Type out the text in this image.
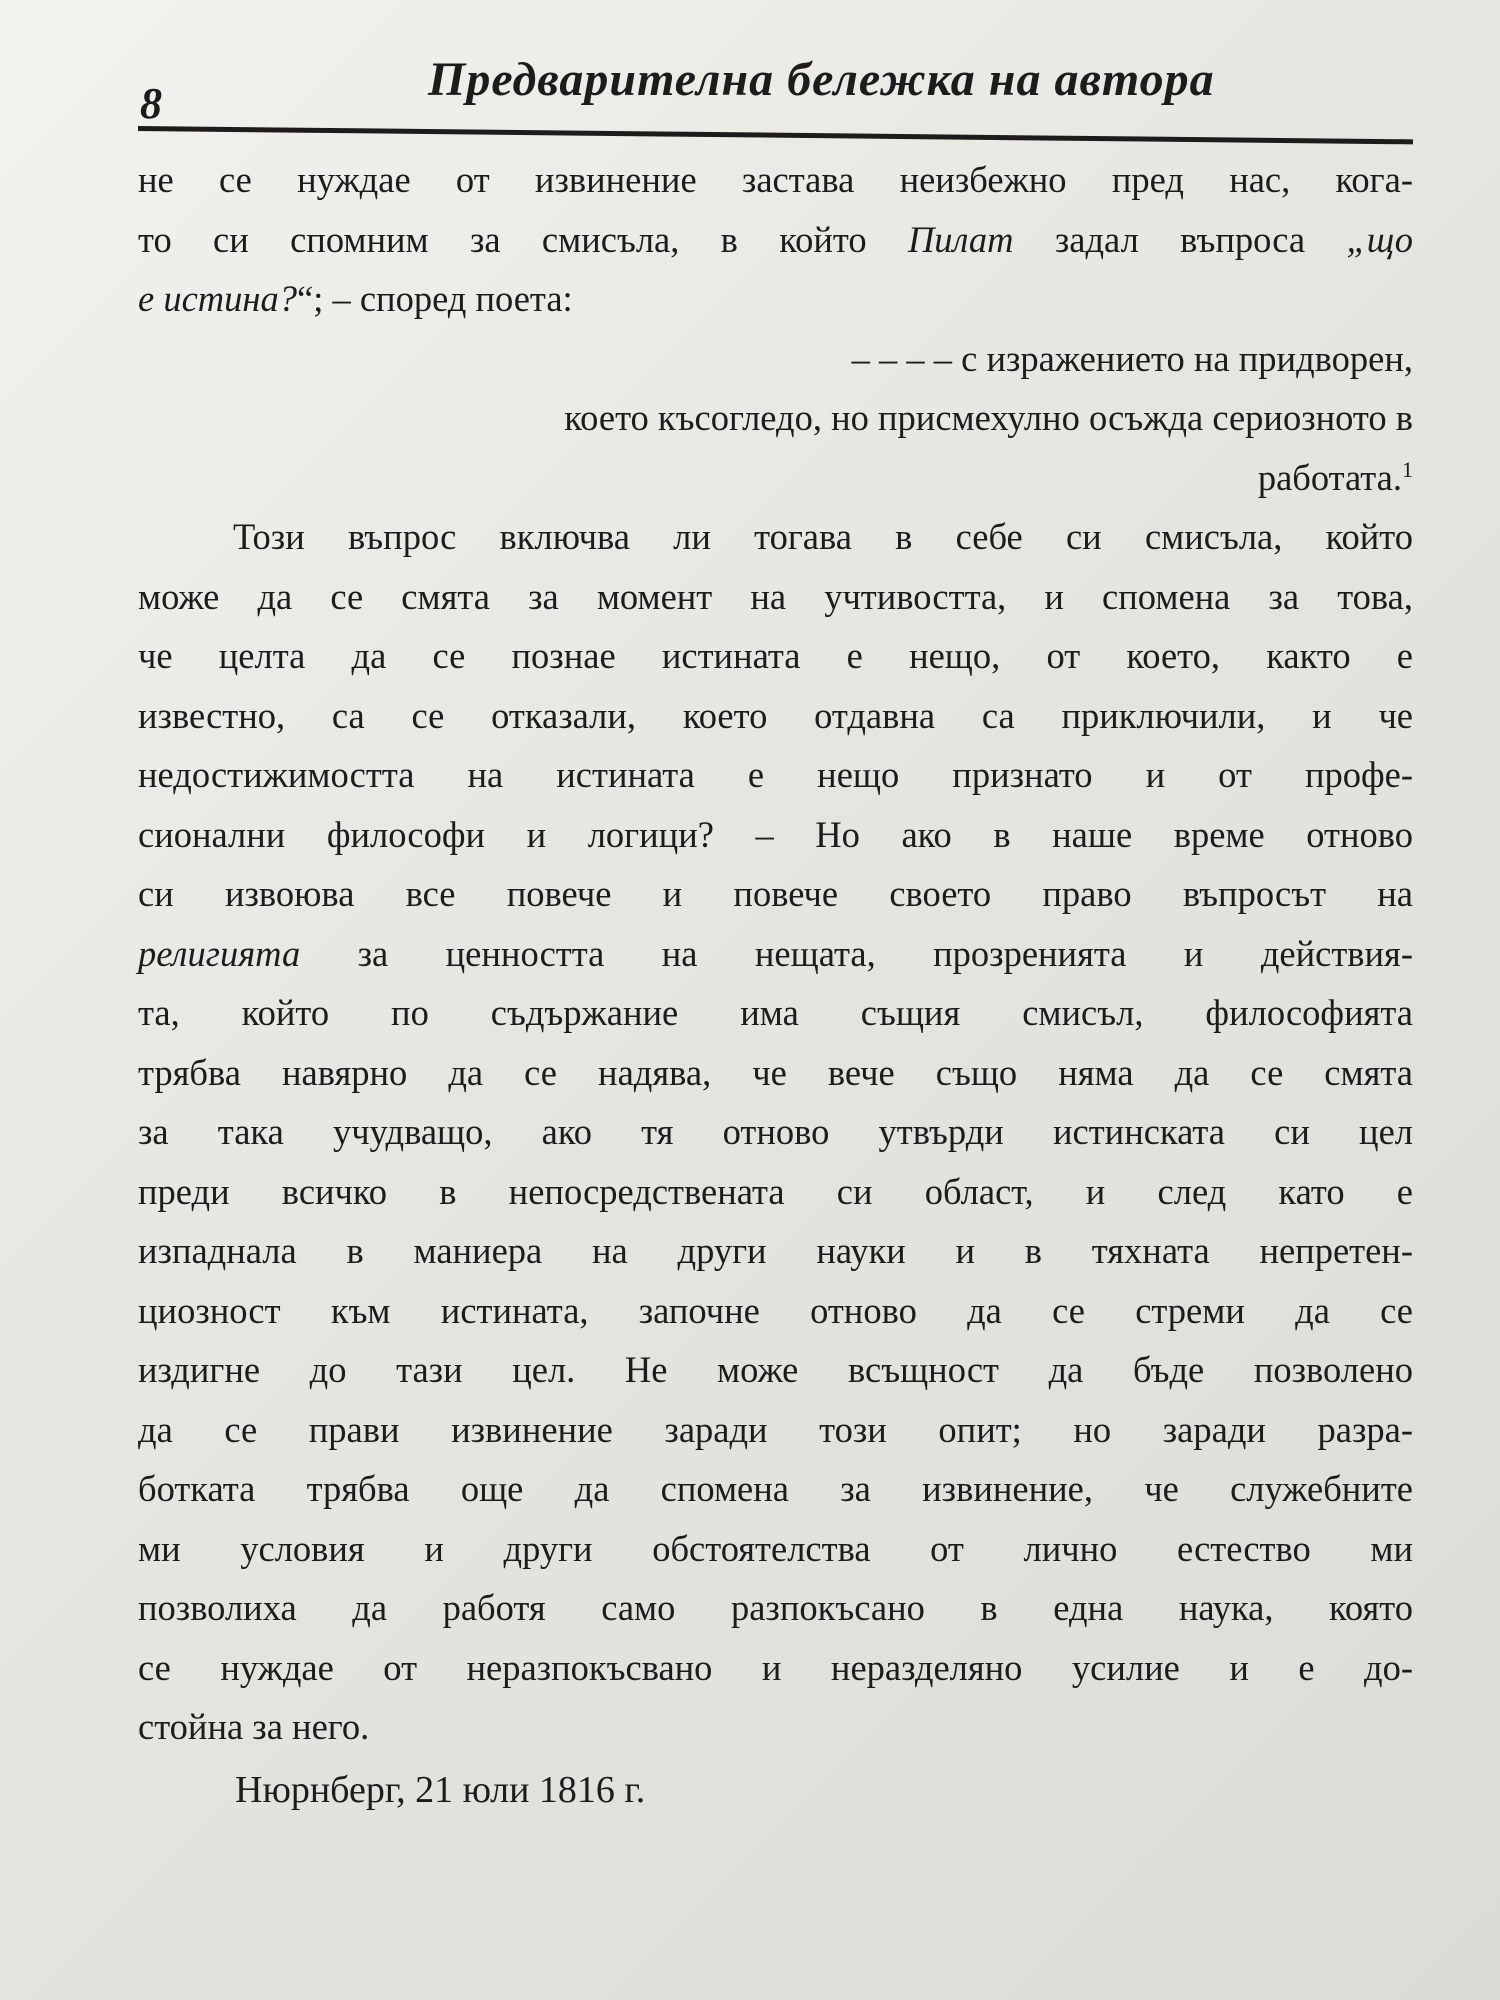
8	Предварителна бележка на автора
не се нуждае от извинение застава неизбежно пред нас, кога-
то си спомним за смисъла, в който Пилат задал въпроса „що
е истина?“; – според поета:
– – – – с изражението на придворен,
което късогледо, но присмехулно осъжда сериозното в
работата.$^1$
Този въпрос включва ли тогава в себе си смисъла, който
може да се смята за момент на учтивостта, и спомена за това,
че целта да се познае истината е нещо, от което, както е
известно, са се отказали, което отдавна са приключили, и че
недостижимостта на истината е нещо признато и от профе-
сионални философи и логици? – Но ако в наше време отново
си извоюва все повече и повече своето право въпросът на
религията за ценността на нещата, прозренията и действия-
та, който по съдържание има същия смисъл, философията
трябва навярно да се надява, че вече също няма да се смята
за така учудващо, ако тя отново утвърди истинската си цел
преди всичко в непосредствената си област, и след като е
изпаднала в маниера на други науки и в тяхната непретен-
циозност към истината, започне отново да се стреми да се
издигне до тази цел. Не може всъщност да бъде позволено
да се прави извинение заради този опит; но заради разра-
ботката трябва още да спомена за извинение, че служебните
ми условия и други обстоятелства от лично естество ми
позволиха да работя само разпокъсано в една наука, която
се нуждае от неразпокъсвано и неразделяно усилие и е до-
стойна за него.
Нюрнберг, 21 юли 1816 г.
